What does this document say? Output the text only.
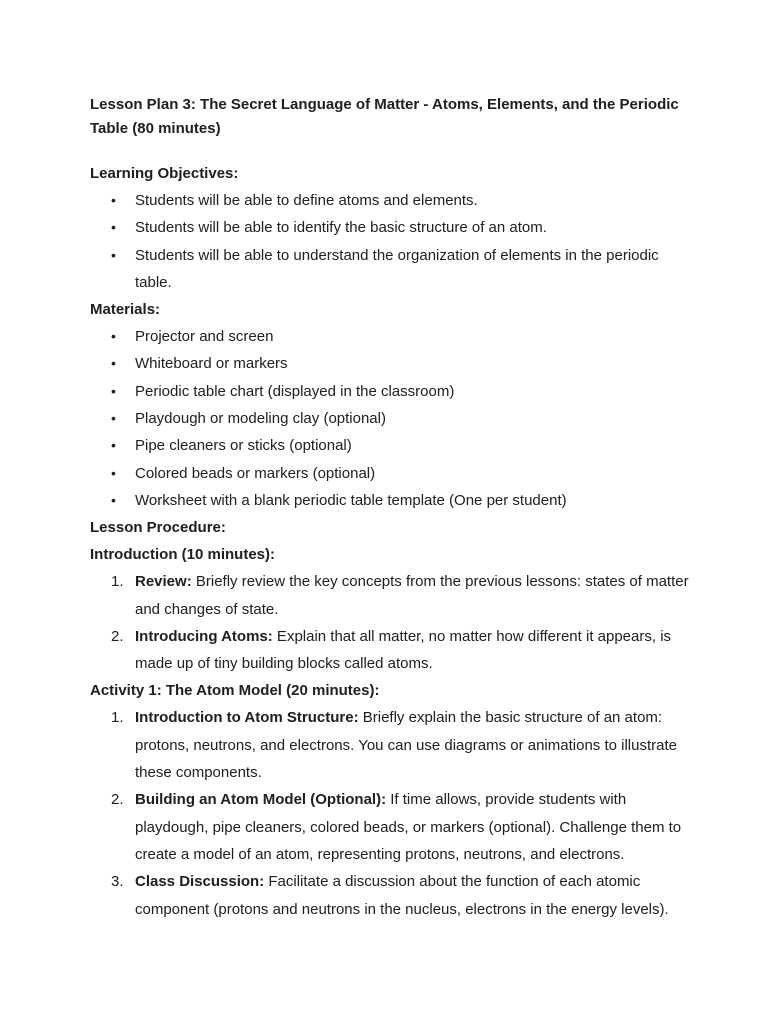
Lesson Plan 3: The Secret Language of Matter - Atoms, Elements, and the Periodic Table (80 minutes)
Learning Objectives:
•	Students will be able to define atoms and elements.
•	Students will be able to identify the basic structure of an atom.
•	Students will be able to understand the organization of elements in the periodic table.
Materials:
•	Projector and screen
•	Whiteboard or markers
•	Periodic table chart (displayed in the classroom)
•	Playdough or modeling clay (optional)
•	Pipe cleaners or sticks (optional)
•	Colored beads or markers (optional)
•	Worksheet with a blank periodic table template (One per student)
Lesson Procedure:
Introduction (10 minutes):
1. Review: Briefly review the key concepts from the previous lessons: states of matter and changes of state.
2. Introducing Atoms: Explain that all matter, no matter how different it appears, is made up of tiny building blocks called atoms.
Activity 1: The Atom Model (20 minutes):
1. Introduction to Atom Structure: Briefly explain the basic structure of an atom: protons, neutrons, and electrons. You can use diagrams or animations to illustrate these components.
2. Building an Atom Model (Optional): If time allows, provide students with playdough, pipe cleaners, colored beads, or markers (optional). Challenge them to create a model of an atom, representing protons, neutrons, and electrons.
3. Class Discussion: Facilitate a discussion about the function of each atomic component (protons and neutrons in the nucleus, electrons in the energy levels).
